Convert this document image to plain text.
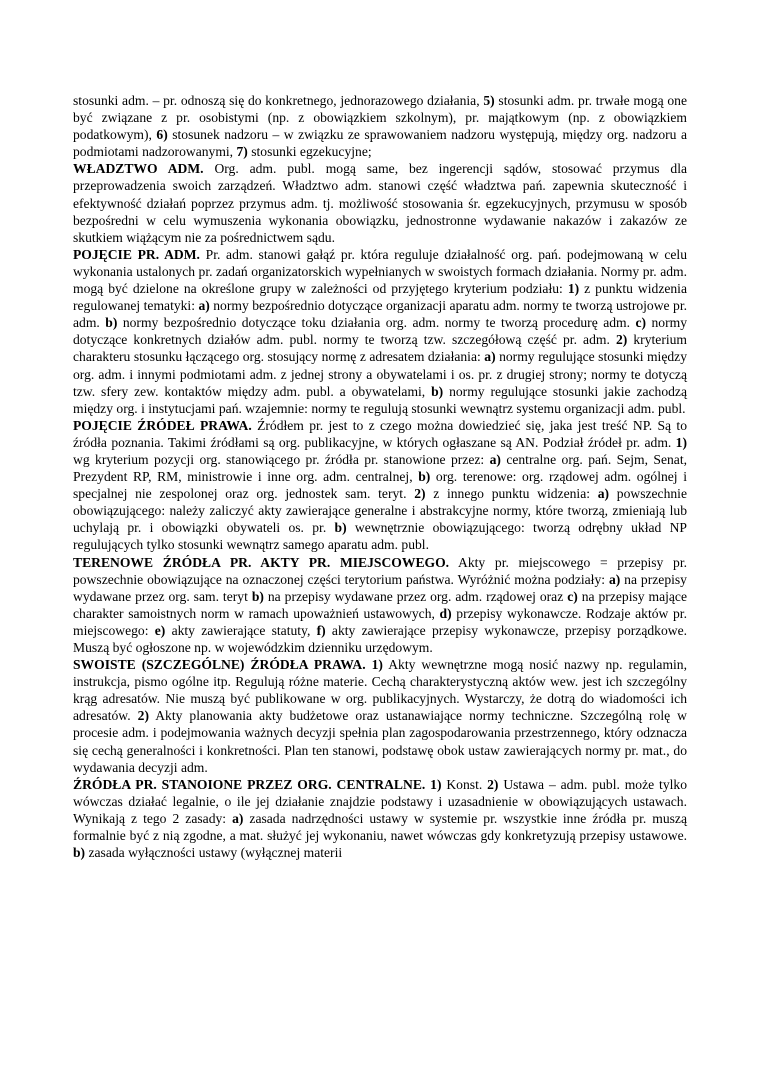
stosunki adm. – pr. odnoszą się do konkretnego, jednorazowego działania, 5) stosunki adm. pr. trwałe mogą one być związane z pr. osobistymi (np. z obowiązkiem szkolnym), pr. majątkowym (np. z obowiązkiem podatkowym), 6) stosunek nadzoru – w związku ze sprawowaniem nadzoru występują, między org. nadzoru a podmiotami nadzorowanymi, 7) stosunki egzekucyjne;

WŁADZTWO ADM. Org. adm. publ. mogą same, bez ingerencji sądów, stosować przymus dla przeprowadzenia swoich zarządzeń. Władztwo adm. stanowi część władztwa pań. zapewnia skuteczność i efektywność działań poprzez przymus adm. tj. możliwość stosowania śr. egzekucyjnych, przymusu w sposób bezpośredni w celu wymuszenia wykonania obowiązku, jednostronne wydawanie nakazów i zakazów ze skutkiem wiążącym nie za pośrednictwem sądu.

POJĘCIE PR. ADM. Pr. adm. stanowi gałąź pr. która reguluje działalność org. pań. podejmowaną w celu wykonania ustalonych pr. zadań organizatorskich wypełnianych w swoistych formach działania. Normy pr. adm. mogą być dzielone na określone grupy w zależności od przyjętego kryterium podziału: 1) z punktu widzenia regulowanej tematyki: a) normy bezpośrednio dotyczące organizacji aparatu adm. normy te tworzą ustrojowe pr. adm. b) normy bezpośrednio dotyczące toku działania org. adm. normy te tworzą procedurę adm. c) normy dotyczące konkretnych działów adm. publ. normy te tworzą tzw. szczegółową część pr. adm. 2) kryterium charakteru stosunku łączącego org. stosujący normę z adresatem działania: a) normy regulujące stosunki między org. adm. i innymi podmiotami adm. z jednej strony a obywatelami i os. pr. z drugiej strony; normy te dotyczą tzw. sfery zew. kontaktów między adm. publ. a obywatelami, b) normy regulujące stosunki jakie zachodzą między org. i instytucjami pań. wzajemnie: normy te regulują stosunki wewnątrz systemu organizacji adm. publ.

POJĘCIE ŹRÓDEŁ PRAWA. Źródłem pr. jest to z czego można dowiedzieć się, jaka jest treść NP. Są to źródła poznania. Takimi źródłami są org. publikacyjne, w których ogłaszane są AN. Podział źródeł pr. adm. 1) wg kryterium pozycji org. stanowiącego pr. źródła pr. stanowione przez: a) centralne org. pań. Sejm, Senat, Prezydent RP, RM, ministrowie i inne org. adm. centralnej, b) org. terenowe: org. rządowej adm. ogólnej i specjalnej nie zespolonej oraz org. jednostek sam. teryt. 2) z innego punktu widzenia: a) powszechnie obowiązującego: należy zaliczyć akty zawierające generalne i abstrakcyjne normy, które tworzą, zmieniają lub uchylają pr. i obowiązki obywateli os. pr. b) wewnętrznie obowiązującego: tworzą odrębny układ NP regulujących tylko stosunki wewnątrz samego aparatu adm. publ.

TERENOWE ŹRÓDŁA PR. AKTY PR. MIEJSCOWEGO. Akty pr. miejscowego = przepisy pr. powszechnie obowiązujące na oznaczonej części terytorium państwa. Wyróżnić można podziały: a) na przepisy wydawane przez org. sam. teryt b) na przepisy wydawane przez org. adm. rządowej oraz c) na przepisy mające charakter samoistnych norm w ramach upoważnień ustawowych, d) przepisy wykonawcze. Rodzaje aktów pr. miejscowego: e) akty zawierające statuty, f) akty zawierające przepisy wykonawcze, przepisy porządkowe. Muszą być ogłoszone np. w wojewódzkim dzienniku urzędowym.

SWOISTE (SZCZEGÓLNE) ŹRÓDŁA PRAWA. 1) Akty wewnętrzne mogą nosić nazwy np. regulamin, instrukcja, pismo ogólne itp. Regulują różne materie. Cechą charakterystyczną aktów wew. jest ich szczególny krąg adresatów. Nie muszą być publikowane w org. publikacyjnych. Wystarczy, że dotrą do wiadomości ich adresatów. 2) Akty planowania akty budżetowe oraz ustanawiające normy techniczne. Szczególną rolę w procesie adm. i podejmowania ważnych decyzji spełnia plan zagospodarowania przestrzennego, który odznacza się cechą generalności i konkretności. Plan ten stanowi, podstawę obok ustaw zawierających normy pr. mat., do wydawania decyzji adm.

ŹRÓDŁA PR. STANOIONE PRZEZ ORG. CENTRALNE. 1) Konst. 2) Ustawa – adm. publ. może tylko wówczas działać legalnie, o ile jej działanie znajdzie podstawy i uzasadnienie w obowiązujących ustawach. Wynikają z tego 2 zasady: a) zasada nadrzędności ustawy w systemie pr. wszystkie inne źródła pr. muszą formalnie być z nią zgodne, a mat. służyć jej wykonaniu, nawet wówczas gdy konkretyzują przepisy ustawowe. b) zasada wyłączności ustawy (wyłącznej materii
